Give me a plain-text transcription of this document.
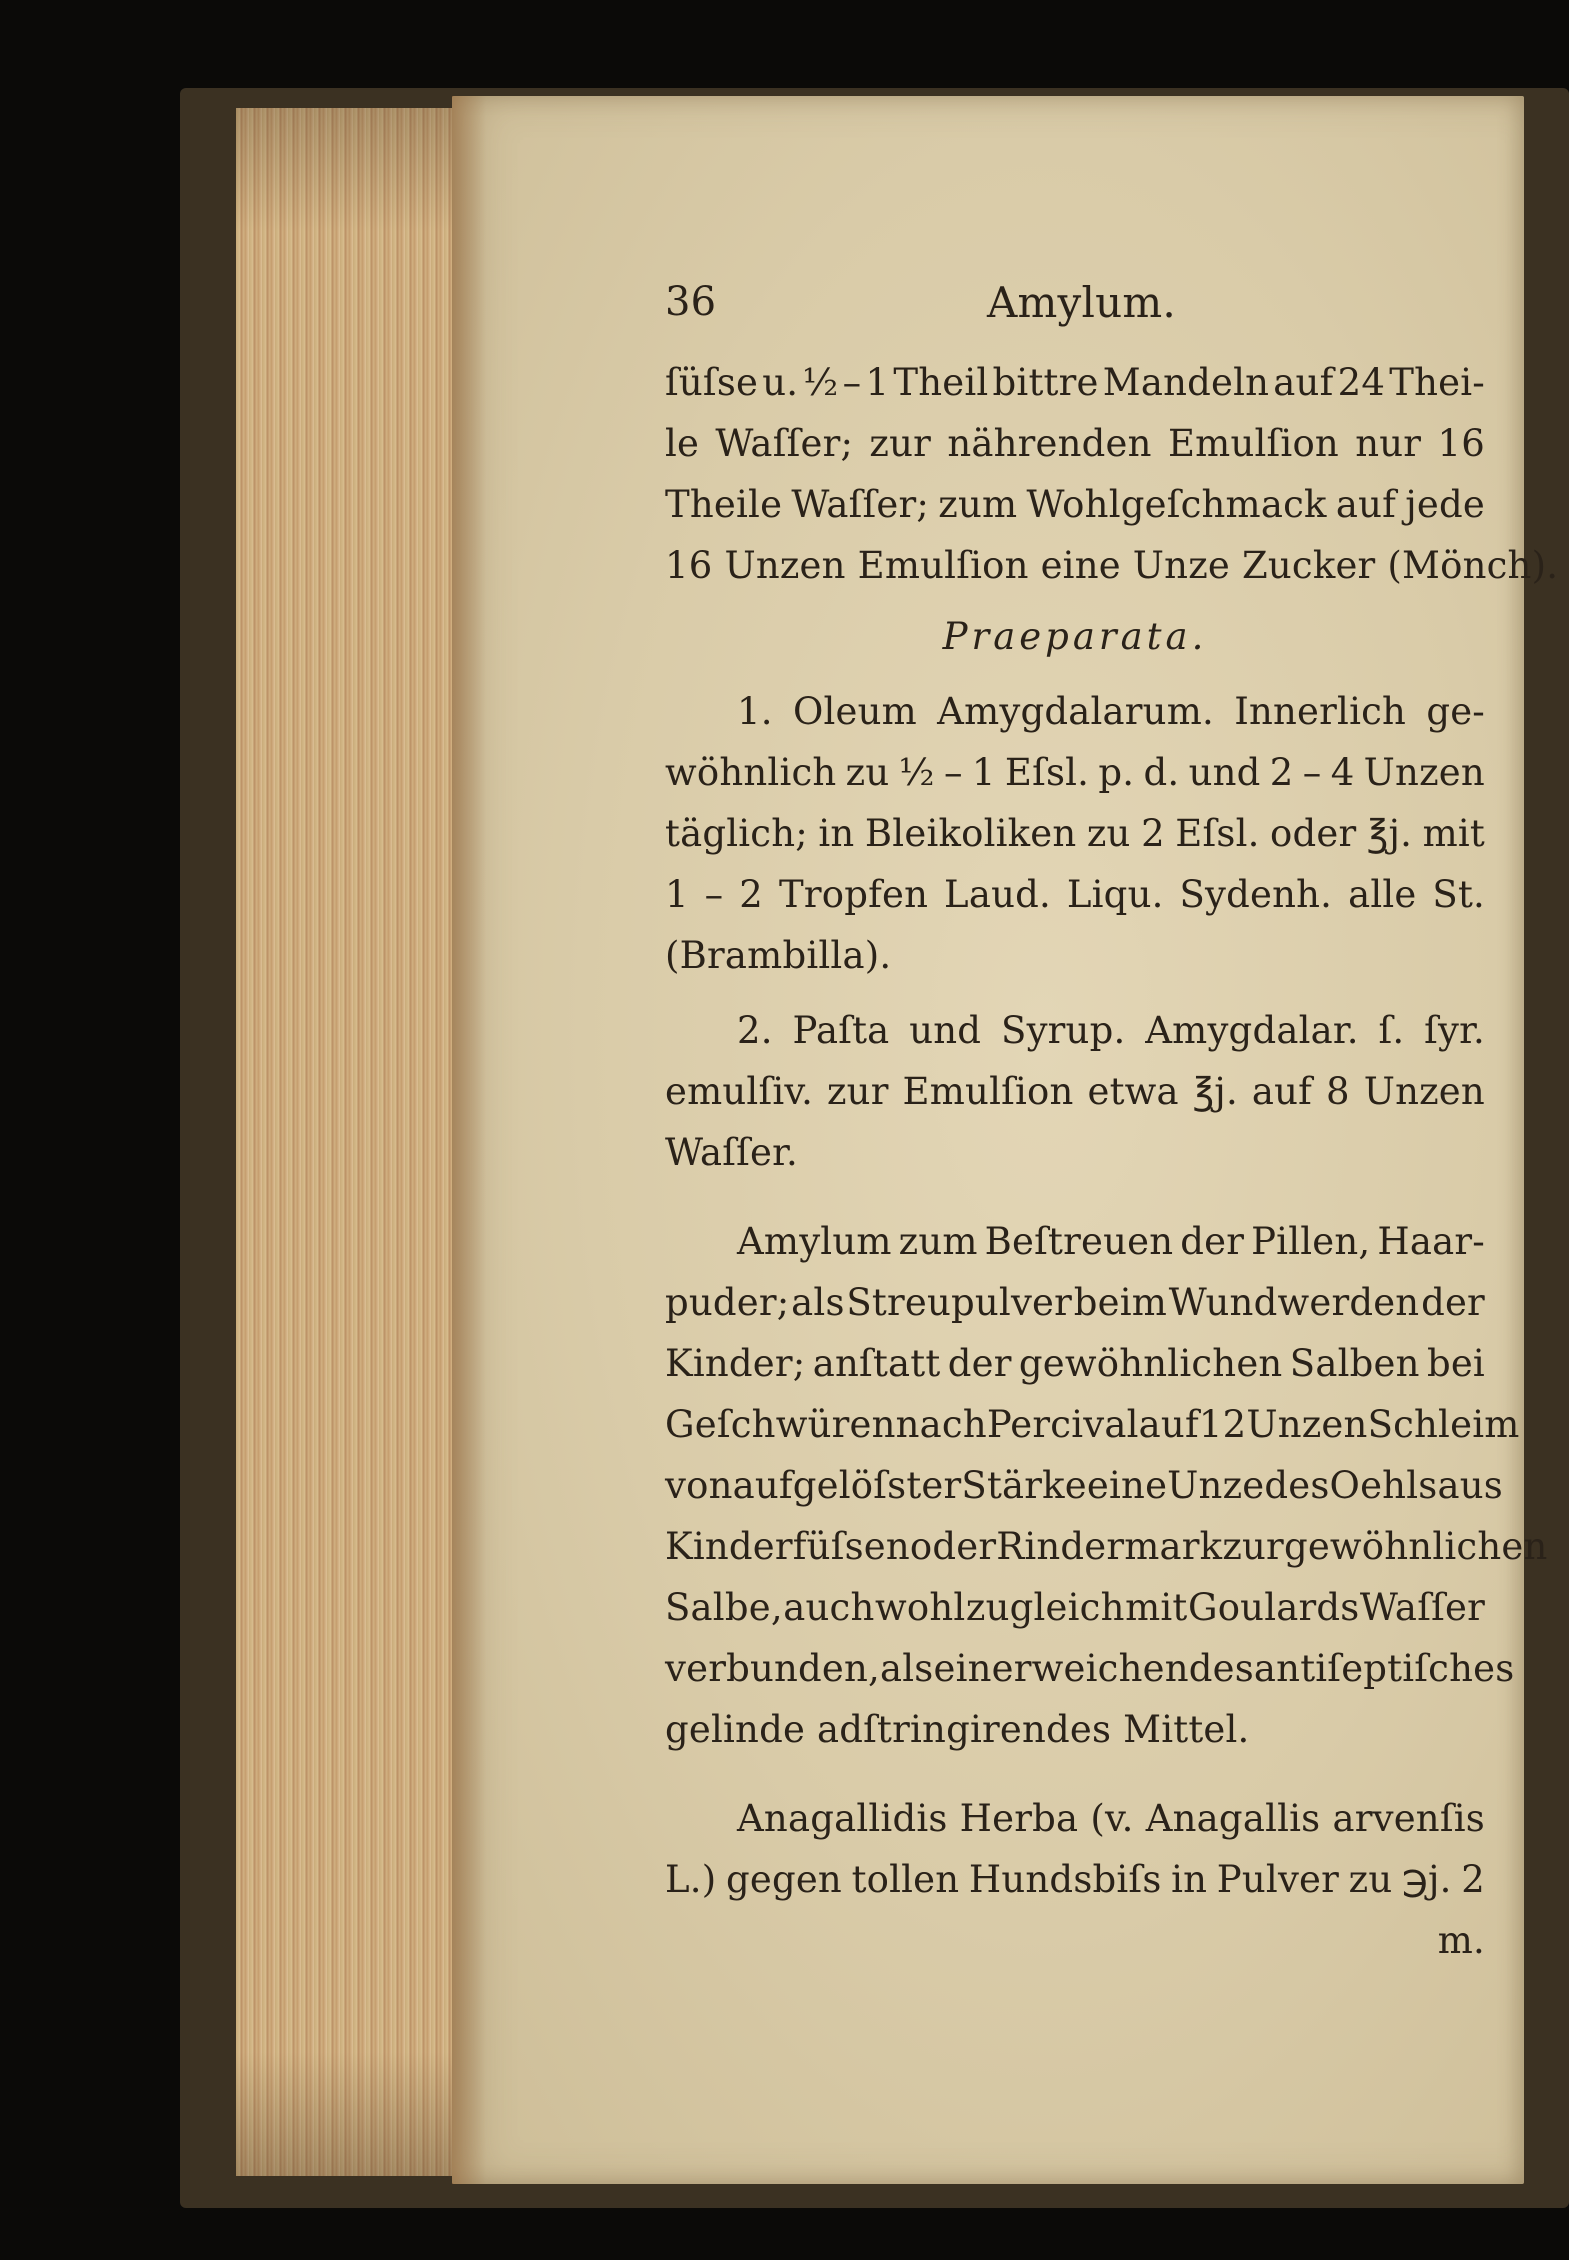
36	Amylum.
ſüſse u. ½ – 1 Theil bittre Mandeln auf 24 Thei-
le Waſſer; zur nährenden Emulſion nur 16
Theile Waſſer; zum Wohlgeſchmack auf jede
16 Unzen Emulſion eine Unze Zucker (Mönch).
Praeparata.
1. Oleum Amygdalarum. Innerlich ge-
wöhnlich zu ½ – 1 Eſsl. p. d. und 2 – 4 Unzen
täglich; in Bleikoliken zu 2 Eſsl. oder ℥j. mit
1 – 2 Tropfen Laud. Liqu. Sydenh. alle St.
(Brambilla).
2. Paſta und Syrup. Amygdalar. ſ. ſyr.
emulſiv. zur Emulſion etwa ℥j. auf 8 Unzen
Waſſer.
Amylum zum Beſtreuen der Pillen, Haar-
puder; als Streupulver beim Wundwerden der
Kinder; anſtatt der gewöhnlichen Salben bei
Geſchwüren nach Percival auf 12 Unzen Schleim
von aufgelöſster Stärke eine Unze des Oehls aus
Kinderfüſsen oder Rindermark zur gewöhnlichen
Salbe, auch wohl zugleich mit Goulards Waſſer
verbunden, als ein erweichendes antiſeptiſches
gelinde adſtringirendes Mittel.
Anagallidis Herba (v. Anagallis arvenſis
L.) gegen tollen Hundsbiſs in Pulver zu ℈j. 2
m.
